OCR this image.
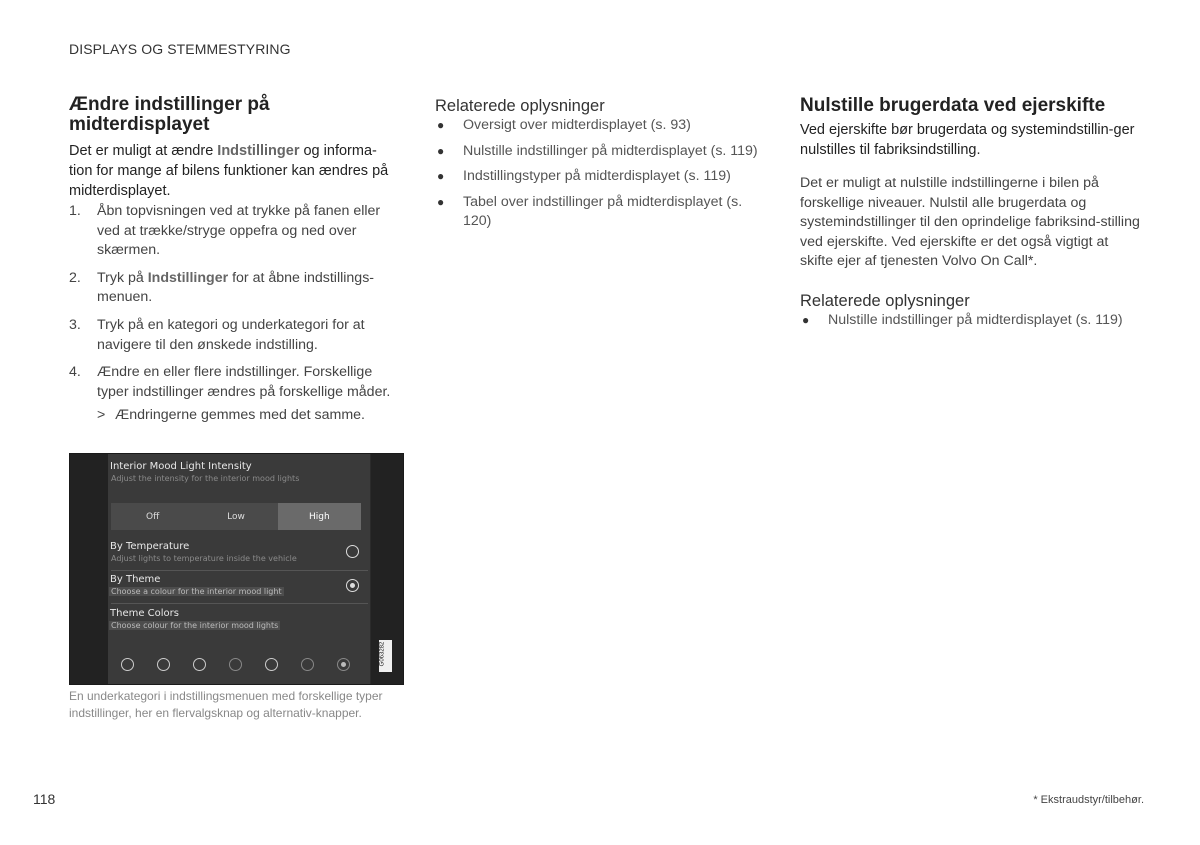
DISPLAYS OG STEMMESTYRING
Ændre indstillinger på midterdisplayet

Det er muligt at ændre Indstillinger og informa-tion for mange af bilens funktioner kan ændres på midterdisplayet.

1. Åbn topvisningen ved at trykke på fanen eller ved at trække/stryge oppefra og ned over skærmen.
2. Tryk på Indstillinger for at åbne indstillings-menuen.
3. Tryk på en kategori og underkategori for at navigere til den ønskede indstilling.
4. Ændre en eller flere indstillinger. Forskellige typer indstillinger ændres på forskellige måder.
> Ændringerne gemmes med det samme.
Interior Mood Light Intensity
Adjust the intensity for the interior mood lights
Off	Low	High
By Temperature
Adjust lights to temperature inside the vehicle
By Theme
Choose a colour for the interior mood light
Theme Colors
Choose colour for the interior mood lights
G063282
En underkategori i indstillingsmenuen med forskellige typer indstillinger, her en flervalgsknap og alternativ-knapper.
Relaterede oplysninger
● Oversigt over midterdisplayet (s. 93)
● Nulstille indstillinger på midterdisplayet (s. 119)
● Indstillingstyper på midterdisplayet (s. 119)
● Tabel over indstillinger på midterdisplayet (s. 120)
Nulstille brugerdata ved ejerskifte

Ved ejerskifte bør brugerdata og systemindstillin-ger nulstilles til fabriksindstilling.

Det er muligt at nulstille indstillingerne i bilen på forskellige niveauer. Nulstil alle brugerdata og systemindstillinger til den oprindelige fabriksind-stilling ved ejerskifte. Ved ejerskifte er det også vigtigt at skifte ejer af tjenesten Volvo On Call*.

Relaterede oplysninger
● Nulstille indstillinger på midterdisplayet (s. 119)
118	* Ekstraudstyr/tilbehør.
